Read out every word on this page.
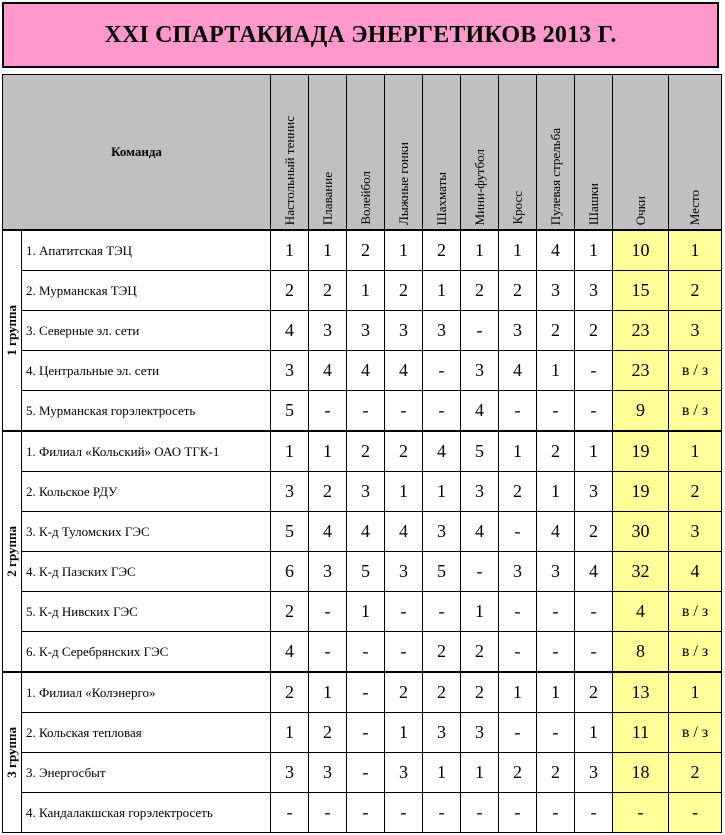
XXI СПАРТАКИАДА ЭНЕРГЕТИКОВ 2013 Г.
Команда		Настольный теннис	Плавание	Волейбол	Лыжные гонки	Шахматы	Мини-футбол	Кросс	Пулевая стрельба	Шашки	Очки	Место

1 группа	1. Апатитская ТЭЦ	1	1	2	1	2	1	1	4	1	10	1
	2. Мурманская ТЭЦ	2	2	1	2	1	2	2	3	3	15	2
	3. Северные эл. сети	4	3	3	3	3	-	3	2	2	23	3
	4. Центральные эл. сети	3	4	4	4	-	3	4	1	-	23	в / з
	5. Мурманская горэлектросеть	5	-	-	-	-	4	-	-	-	9	в / з

2 группа	1. Филиал «Кольский» ОАО ТГК-1	1	1	2	2	4	5	1	2	1	19	1
	2. Кольское РДУ	3	2	3	1	1	3	2	1	3	19	2
	3. К-д Туломских ГЭС	5	4	4	4	3	4	-	4	2	30	3
	4. К-д Пазских ГЭС	6	3	5	3	5	-	3	3	4	32	4
	5. К-д Нивских ГЭС	2	-	1	-	-	1	-	-	-	4	в / з
	6. К-д Серебрянских ГЭС	4	-	-	-	2	2	-	-	-	8	в / з

3 группа	1. Филиал «Колэнерго»	2	1	-	2	2	2	1	1	2	13	1
	2. Кольская тепловая	1	2	-	1	3	3	-	-	1	11	в / з
	3. Энергосбыт	3	3	-	3	1	1	2	2	3	18	2
	4. Кандалакшская горэлектросеть	-	-	-	-	-	-	-	-	-	-	-
